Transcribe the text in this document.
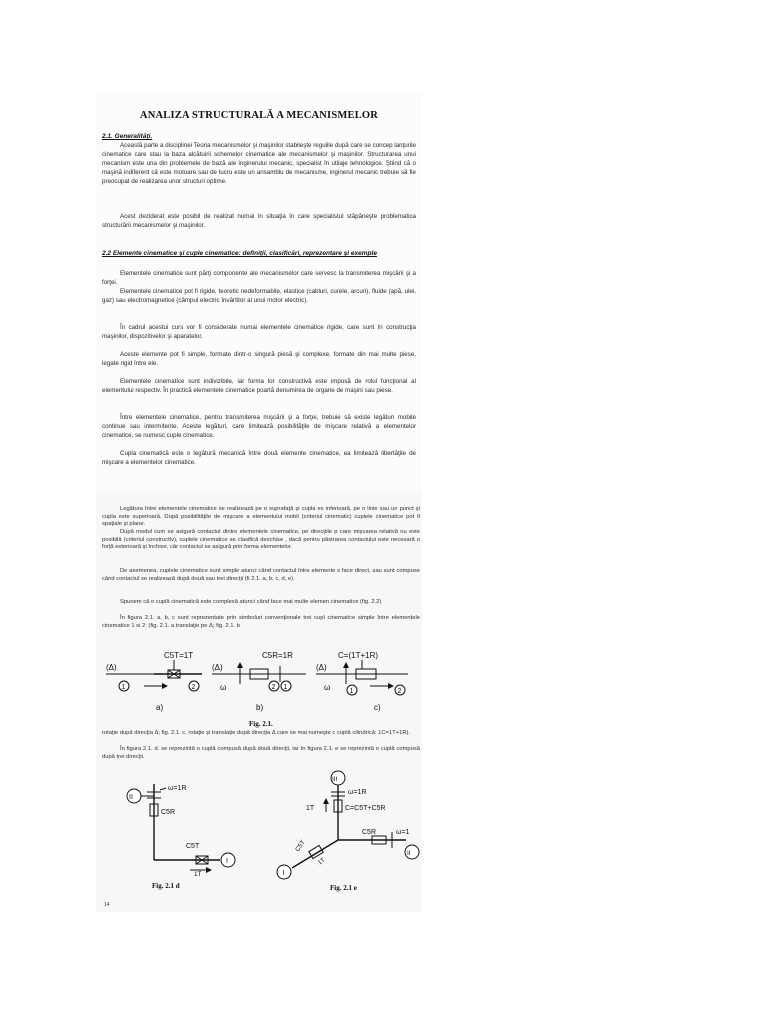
ANALIZA STRUCTURALĂ A MECANISMELOR

2.1. Generalităţi.

Această parte a disciplinei Teoria mecanismelor şi maşinilor stabileşte regulile după care se concep lanţurile cinematice care stau la baza alcătuirii schemelor cinematice ale mecanismelor şi maşinilor. Structurarea unui mecanism este una din problemele de bază ale inginerului mecanic, specialist în utilaje tehnologice. Ştiind că o maşină indiferent că este motoare sau de lucru este un ansamblu de mecanisme, inginerul mecanic trebuie să fie preocupat de realizarea unor structuri optime.

Acest deziderat este posibil de realizat numai în situaţia în care specialistul stăpâneşte problematica structurării mecanismelor şi maşinilor.

2.2 Elemente cinematice şi cuple cinematice: definiţii, clasificări, reprezentare şi exemple

Elementele cinematice sunt părţi componente ale mecanismelor care servesc la transmiterea mişcării şi a forţei.

Elementele cinematice pot fi rigide, teoretic nedeformabile, elastice (cabluri, curele, arcuri), fluide (apă, ulei, gaz) sau electromagnetice (câmpul electric învârtitor al unui motor electric).

În cadrul acestui curs vor fi considerate numai elementele cinematice rigide, care sunt în construcţia maşinilor, dispozitivelor şi aparatelor.

Aceste elemente pot fi simple, formate dintr-o singură piesă şi complexe, formate din mai multe piese, legate rigid între ele.

Elementele cinematice sunt indivizibile, iar forma lor constructivă este impusă de rolul funcţional al elementului respectiv. În practică elementele cinematice poartă denumirea de organe de maşini sau piese.

Între elementele cinematice, pentru transmiterea mişcării şi a forţei, trebuie să existe legături mobile continue sau intermitente. Aceste legături, care limitează posibilităţile de mişcare relativă a elementelor cinematice, se numesc cuple cinematice.

Cupla cinematică este o legătură mecanică între două elemente cinematice, ea limitează libertăţile de mişcare a elementelor cinematice.

Legătura între elementele cinematice se realizează pe o suprafaţă şi cupla es inferioară, pe o linie sau un punct şi cupla este superioară. După posibilităţile de mişcare a elementului mobil (criteriul cinematic) cuplele cinematice pot fi spaţiale şi plane.

După modul cum se asigură contactul dintre elementele cinematice, pe direcţiile p care mişcarea relativă nu este posibilă (criteriul constructiv), cuplele cinematice se clasifică deschise , dacă pentru păstrarea contactului este necesară o forţă exterioară şi închise, câr contactul se asigură prin forma elementelor.

De asemenea, cuplele cinematice sunt simple atunci când contactul între elemente s face direct, sau sunt compuse când contactul se realizează după două sau trei direcţii (fi 2.1. a, b, c, d, e).

Spunem că o cuplă cinematică este complexă atunci când face mai multe elemen cinematice (fig. 2.2)

În figura 2.1. a, b, c sunt reprezentate prin simboluri convenţionale trei cupl cinematice simple între elementele cinematice 1 si 2: (fig. 2.1. a translaţie pe Δ; fig. 2.1. b

C5T=1T
(Δ)
1	2
a)
C5R=1R
(Δ)
ω	1
2
b)
C=(1T+1R)
(Δ)
ω	1	2
c)
Fig. 2.1.

rotaţie după direcţia Δ; fig. 2.1. c. rotaţie şi translaţie după direcţia Δ care se mai numeşte c cuplă cilindrică: 1C=1T+1R).

În figura 2.1. d. se reprezintă o cuplă compusă după două direcţii, iar în figura 2.1. e se reprezintă o cuplă compusă după trei direcţii.

II
ω=1R
C5R
C5T
1T
I
Fig. 2.1 d
III
ω=1R
1T	C=C5T+C5R
C5R	ω=1
II
C5T
1T
I
Fig. 2.1 e
14
